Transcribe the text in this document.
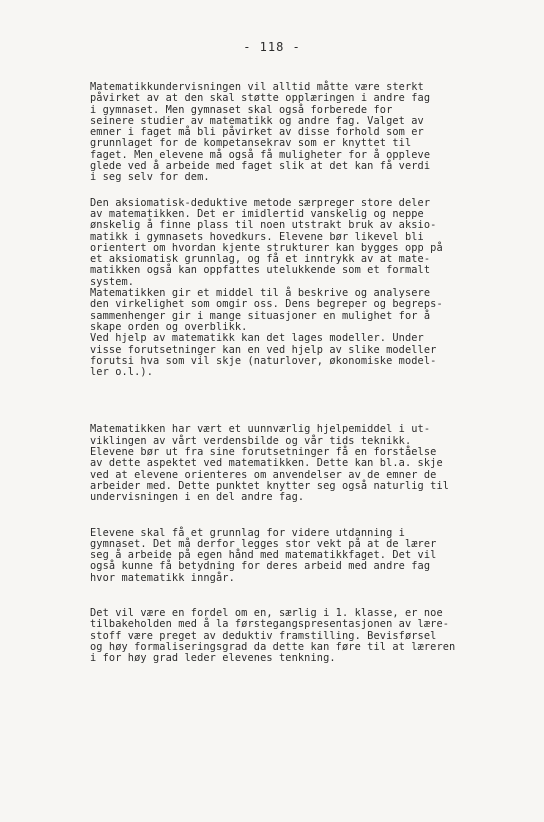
- 118 -
Matematikkundervisningen vil alltid måtte være sterkt
påvirket av at den skal støtte opplæringen i andre fag
i gymnaset. Men gymnaset skal også forberede for
seinere studier av matematikk og andre fag. Valget av
emner i faget må bli påvirket av disse forhold som er
grunnlaget for de kompetansekrav som er knyttet til
faget. Men elevene må også få muligheter for å oppleve
glede ved å arbeide med faget slik at det kan få verdi
i seg selv for dem.
Den aksiomatisk-deduktive metode særpreger store deler
av matematikken. Det er imidlertid vanskelig og neppe
ønskelig å finne plass til noen utstrakt bruk av aksio-
matikk i gymnasets hovedkurs. Elevene bør likevel bli
orientert om hvordan kjente strukturer kan bygges opp på
et aksiomatisk grunnlag, og få et inntrykk av at mate-
matikken også kan oppfattes utelukkende som et formalt
system.
Matematikken gir et middel til å beskrive og analysere
den virkelighet som omgir oss. Dens begreper og begreps-
sammenhenger gir i mange situasjoner en mulighet for å
skape orden og overblikk.
Ved hjelp av matematikk kan det lages modeller. Under
visse forutsetninger kan en ved hjelp av slike modeller
forutsi hva som vil skje (naturlover, økonomiske model-
ler o.l.).
Matematikken har vært et uunnværlig hjelpemiddel i ut-
viklingen av vårt verdensbilde og vår tids teknikk.
Elevene bør ut fra sine forutsetninger få en forståelse
av dette aspektet ved matematikken. Dette kan bl.a. skje
ved at elevene orienteres om anvendelser av de emner de
arbeider med. Dette punktet knytter seg også naturlig til
undervisningen i en del andre fag.
Elevene skal få et grunnlag for videre utdanning i
gymnaset. Det må derfor legges stor vekt på at de lærer
seg å arbeide på egen hånd med matematikkfaget. Det vil
også kunne få betydning for deres arbeid med andre fag
hvor matematikk inngår.
Det vil være en fordel om en, særlig i 1. klasse, er noe
tilbakeholden med å la førstegangspresentasjonen av lære-
stoff være preget av deduktiv framstilling. Bevisførsel
og høy formaliseringsgrad da dette kan føre til at læreren
i for høy grad leder elevenes tenkning.
